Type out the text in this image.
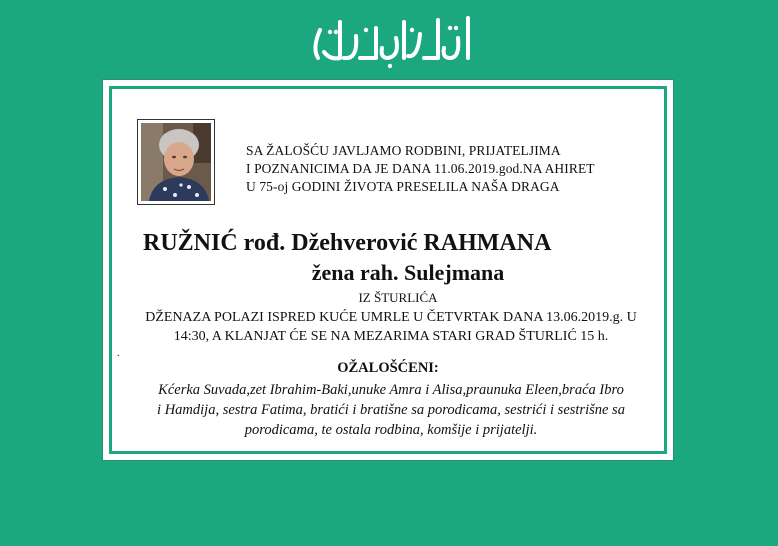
SA ŽALOŠĆU JAVLJAMO RODBINI, PRIJATELJIMA
I POZNANICIMA DA JE DANA 11.06.2019.god.NA AHIRET
U 75-oj GODINI ŽIVOTA PRESELILA NAŠA DRAGA
RUŽNIĆ rođ. Džehverović RAHMANA
žena rah. Sulejmana
IZ ŠTURLIĆA
DŽENAZA POLAZI ISPRED KUĆE UMRLE U ČETVRTAK DANA 13.06.2019.g. U
14:30, A KLANJAT ĆE SE NA MEZARIMA STARI GRAD ŠTURLIĆ 15 h.
.
OŽALOŠĆENI:
Kćerka Suvada,zet Ibrahim-Baki,unuke Amra i Alisa,praunuka Eleen,braća Ibro
i Hamdija, sestra Fatima, bratići i bratišne sa porodicama, sestrići i sestrišne sa
porodicama, te ostala rodbina, komšije i prijatelji.
